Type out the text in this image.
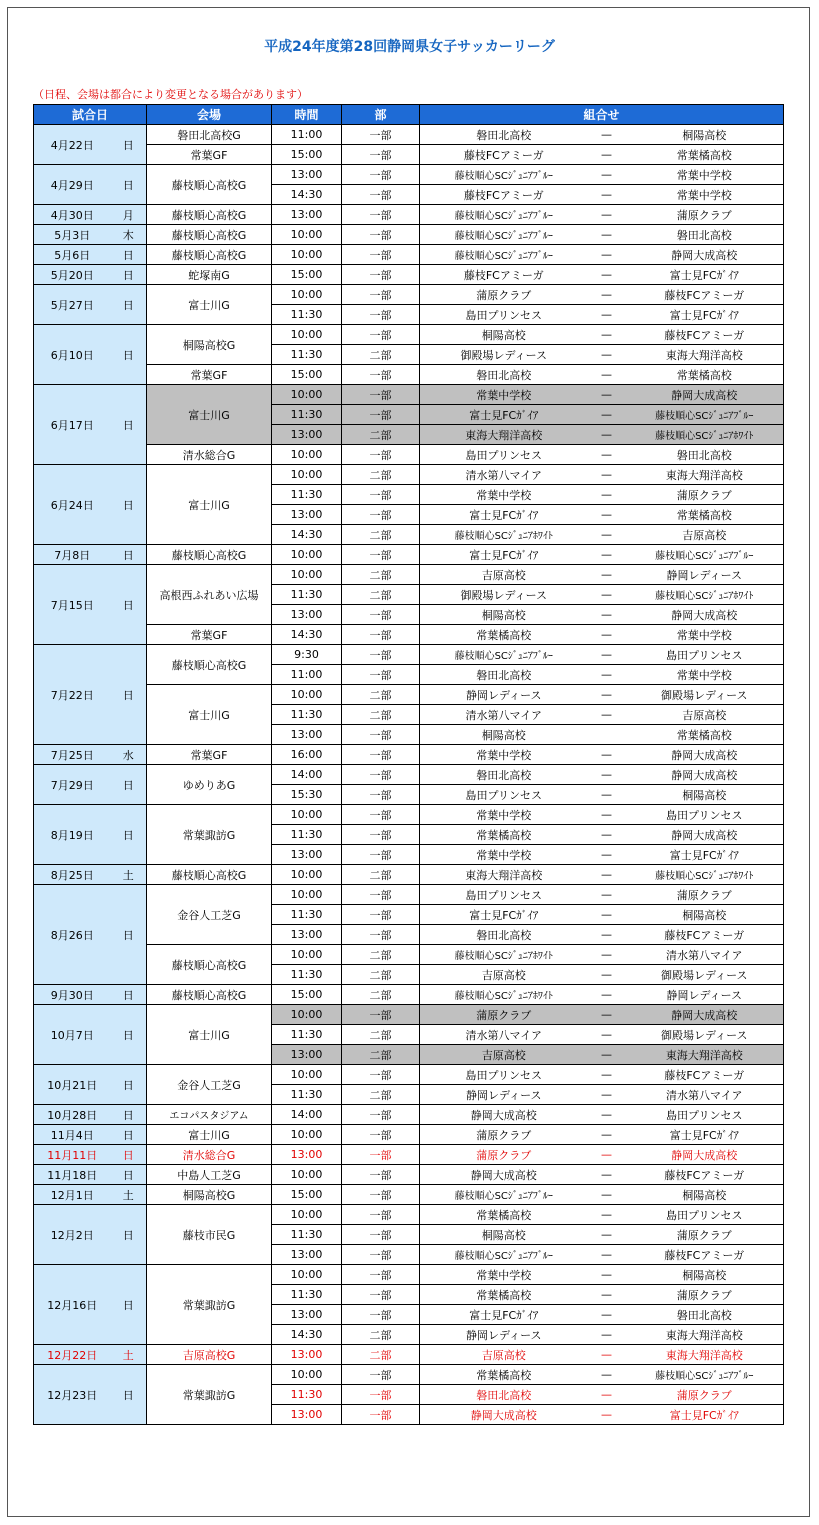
平成24年度第28回静岡県女子サッカーリーグ
（日程、会場は都合により変更となる場合があります）
試合日		会場	時間	部	組合せ		
4月22日	日	磐田北高校G	11:00	一部	磐田北高校	—	桐陽高校
		常葉GF	15:00	一部	藤枝FCアミーガ	—	常葉橘高校
4月29日	日	藤枝順心高校G	13:00	一部	藤枝順心SCｼﾞｭﾆｱﾌﾞﾙｰ	—	常葉中学校
			14:30	一部	藤枝FCアミーガ	—	常葉中学校
4月30日	月	藤枝順心高校G	13:00	一部	藤枝順心SCｼﾞｭﾆｱﾌﾞﾙｰ	—	蒲原クラブ
5月3日	木	藤枝順心高校G	10:00	一部	藤枝順心SCｼﾞｭﾆｱﾌﾞﾙｰ	—	磐田北高校
5月6日	日	藤枝順心高校G	10:00	一部	藤枝順心SCｼﾞｭﾆｱﾌﾞﾙｰ	—	静岡大成高校
5月20日	日	蛇塚南G	15:00	一部	藤枝FCアミーガ	—	富士見FCｶﾞｲｱ
5月27日	日	富士川G	10:00	一部	蒲原クラブ	—	藤枝FCアミーガ
			11:30	一部	島田プリンセス	—	富士見FCｶﾞｲｱ
6月10日	日	桐陽高校G	10:00	一部	桐陽高校	—	藤枝FCアミーガ
			11:30	二部	御殿場レディース	—	東海大翔洋高校
		常葉GF	15:00	一部	磐田北高校	—	常葉橘高校
6月17日	日	富士川G	10:00	一部	常葉中学校	—	静岡大成高校
			11:30	一部	富士見FCｶﾞｲｱ	—	藤枝順心SCｼﾞｭﾆｱﾌﾞﾙｰ
			13:00	二部	東海大翔洋高校	—	藤枝順心SCｼﾞｭﾆｱﾎﾜｲﾄ
		清水総合G	10:00	一部	島田プリンセス	—	磐田北高校
6月24日	日	富士川G	10:00	二部	清水第八マイア	—	東海大翔洋高校
			11:30	一部	常葉中学校	—	蒲原クラブ
			13:00	一部	富士見FCｶﾞｲｱ	—	常葉橘高校
			14:30	二部	藤枝順心SCｼﾞｭﾆｱﾎﾜｲﾄ	—	吉原高校
7月8日	日	藤枝順心高校G	10:00	一部	富士見FCｶﾞｲｱ	—	藤枝順心SCｼﾞｭﾆｱﾌﾞﾙｰ
7月15日	日	高根西ふれあい広場	10:00	二部	吉原高校	—	静岡レディース
			11:30	二部	御殿場レディース	—	藤枝順心SCｼﾞｭﾆｱﾎﾜｲﾄ
			13:00	一部	桐陽高校	—	静岡大成高校
		常葉GF	14:30	一部	常葉橘高校	—	常葉中学校
7月22日	日	藤枝順心高校G	9:30	一部	藤枝順心SCｼﾞｭﾆｱﾌﾞﾙｰ	—	島田プリンセス
			11:00	一部	磐田北高校	—	常葉中学校
		富士川G	10:00	二部	静岡レディース	—	御殿場レディース
			11:30	二部	清水第八マイア	—	吉原高校
			13:00	一部	桐陽高校		常葉橘高校
7月25日	水	常葉GF	16:00	一部	常葉中学校	—	静岡大成高校
7月29日	日	ゆめりあG	14:00	一部	磐田北高校	—	静岡大成高校
			15:30	一部	島田プリンセス	—	桐陽高校
8月19日	日	常葉諏訪G	10:00	一部	常葉中学校	—	島田プリンセス
			11:30	一部	常葉橘高校	—	静岡大成高校
			13:00	一部	常葉中学校	—	富士見FCｶﾞｲｱ
8月25日	土	藤枝順心高校G	10:00	二部	東海大翔洋高校	—	藤枝順心SCｼﾞｭﾆｱﾎﾜｲﾄ
8月26日	日	金谷人工芝G	10:00	一部	島田プリンセス	—	蒲原クラブ
			11:30	一部	富士見FCｶﾞｲｱ	—	桐陽高校
			13:00	一部	磐田北高校	—	藤枝FCアミーガ
		藤枝順心高校G	10:00	二部	藤枝順心SCｼﾞｭﾆｱﾎﾜｲﾄ	—	清水第八マイア
			11:30	二部	吉原高校	—	御殿場レディース
9月30日	日	藤枝順心高校G	15:00	二部	藤枝順心SCｼﾞｭﾆｱﾎﾜｲﾄ	—	静岡レディース
10月7日	日	富士川G	10:00	一部	蒲原クラブ	—	静岡大成高校
			11:30	二部	清水第八マイア	—	御殿場レディース
			13:00	二部	吉原高校	—	東海大翔洋高校
10月21日	日	金谷人工芝G	10:00	一部	島田プリンセス	—	藤枝FCアミーガ
			11:30	二部	静岡レディース	—	清水第八マイア
10月28日	日	エコパスタジアム	14:00	一部	静岡大成高校	—	島田プリンセス
11月4日	日	富士川G	10:00	一部	蒲原クラブ	—	富士見FCｶﾞｲｱ
11月11日	日	清水総合G	13:00	一部	蒲原クラブ	—	静岡大成高校
11月18日	日	中島人工芝G	10:00	一部	静岡大成高校	—	藤枝FCアミーガ
12月1日	土	桐陽高校G	15:00	一部	藤枝順心SCｼﾞｭﾆｱﾌﾞﾙｰ	—	桐陽高校
12月2日	日	藤枝市民G	10:00	一部	常葉橘高校	—	島田プリンセス
			11:30	一部	桐陽高校	—	蒲原クラブ
			13:00	一部	藤枝順心SCｼﾞｭﾆｱﾌﾞﾙｰ	—	藤枝FCアミーガ
12月16日	日	常葉諏訪G	10:00	一部	常葉中学校	—	桐陽高校
			11:30	一部	常葉橘高校	—	蒲原クラブ
			13:00	一部	富士見FCｶﾞｲｱ	—	磐田北高校
			14:30	二部	静岡レディース	—	東海大翔洋高校
12月22日	土	吉原高校G	13:00	二部	吉原高校	—	東海大翔洋高校
12月23日	日	常葉諏訪G	10:00	一部	常葉橘高校	—	藤枝順心SCｼﾞｭﾆｱﾌﾞﾙｰ
			11:30	一部	磐田北高校	—	蒲原クラブ
			13:00	一部	静岡大成高校	—	富士見FCｶﾞｲｱ
